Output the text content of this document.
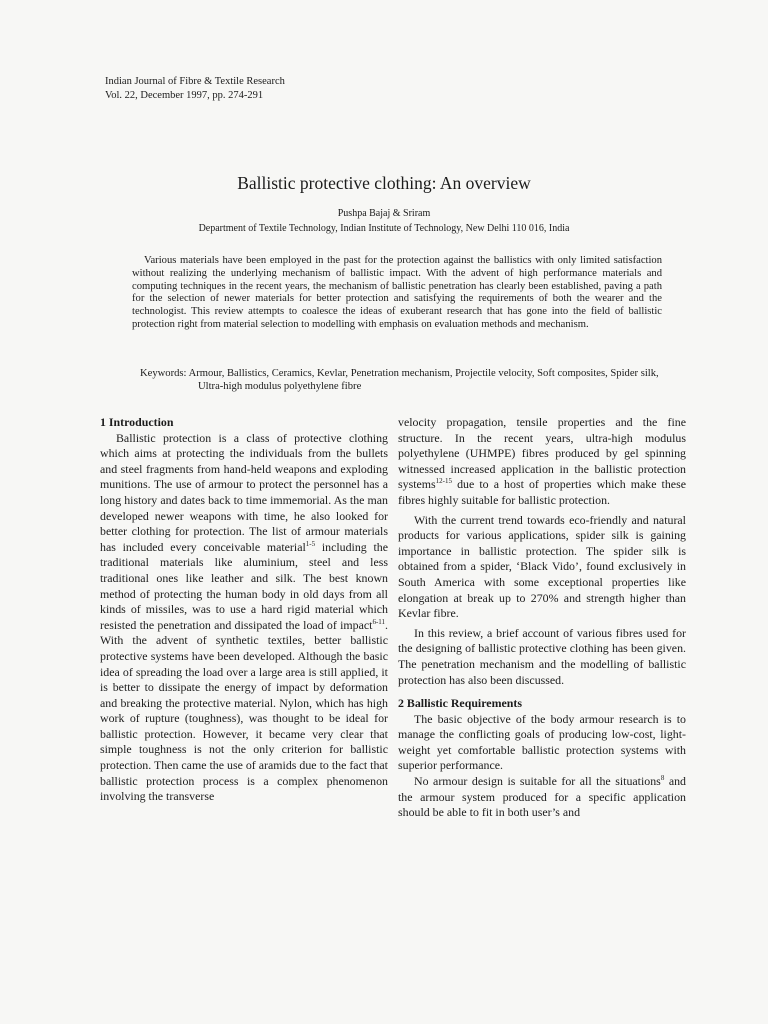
Indian Journal of Fibre & Textile Research
Vol. 22, December 1997, pp. 274-291
Ballistic protective clothing: An overview
Pushpa Bajaj & Sriram
Department of Textile Technology, Indian Institute of Technology, New Delhi 110 016, India
Various materials have been employed in the past for the protection against the ballistics with only limited satisfaction without realizing the underlying mechanism of ballistic impact. With the advent of high performance materials and computing techniques in the recent years, the mechanism of ballistic penetration has clearly been established, paving a path for the selection of newer materials for better protection and satisfying the requirements of both the wearer and the technologist. This review attempts to coalesce the ideas of exuberant research that has gone into the field of ballistic protection right from material selection to modelling with emphasis on evaluation methods and mechanism.
Keywords: Armour, Ballistics, Ceramics, Kevlar, Penetration mechanism, Projectile velocity, Soft composites, Spider silk, Ultra-high modulus polyethylene fibre
1 Introduction

Ballistic protection is a class of protective clothing which aims at protecting the individuals from the bullets and steel fragments from hand-held weapons and exploding munitions. The use of armour to protect the personnel has a long history and dates back to time immemorial. As the man developed newer weapons with time, he also looked for better clothing for protection. The list of armour materials has included every conceivable material$^{1-5}$ including the traditional materials like aluminium, steel and less traditional ones like leather and silk. The best known method of protecting the human body in old days from all kinds of missiles, was to use a hard rigid material which resisted the penetration and dissipated the load of impact$^{6-11}$. With the advent of synthetic textiles, better ballistic protective systems have been developed. Although the basic idea of spreading the load over a large area is still applied, it is better to dissipate the energy of impact by deformation and breaking the protective material. Nylon, which has high work of rupture (toughness), was thought to be ideal for ballistic protection. However, it became very clear that simple toughness is not the only criterion for ballistic protection. Then came the use of aramids due to the fact that ballistic protection process is a complex phenomenon involving the transverse

velocity propagation, tensile properties and the fine structure. In the recent years, ultra-high modulus polyethylene (UHMPE) fibres produced by gel spinning witnessed increased application in the ballistic protection systems$^{12-15}$ due to a host of properties which make these fibres highly suitable for ballistic protection.

With the current trend towards eco-friendly and natural products for various applications, spider silk is gaining importance in ballistic protection. The spider silk is obtained from a spider, ‘Black Vido’, found exclusively in South America with some exceptional properties like elongation at break up to 270% and strength higher than Kevlar fibre.

In this review, a brief account of various fibres used for the designing of ballistic protective clothing has been given. The penetration mechanism and the modelling of ballistic protection has also been discussed.

2 Ballistic Requirements

The basic objective of the body armour research is to manage the conflicting goals of producing low-cost, light-weight yet comfortable ballistic protection systems with superior performance.

No armour design is suitable for all the situations$^8$ and the armour system produced for a specific application should be able to fit in both user’s and
